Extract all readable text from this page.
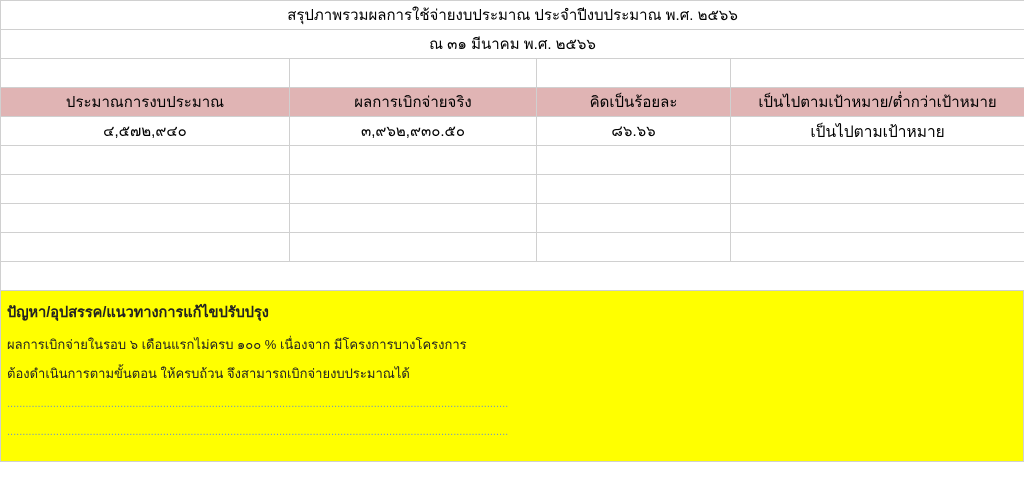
สรุปภาพรวมผลการใช้จ่ายงบประมาณ ประจำปีงบประมาณ พ.ศ. ๒๕๖๖			
ณ ๓๑ มีนาคม พ.ศ. ๒๕๖๖			

ประมาณการงบประมาณ	ผลการเบิกจ่ายจริง	คิดเป็นร้อยละ	เป็นไปตามเป้าหมาย/ต่ำกว่าเป้าหมาย
๔,๕๗๒,๙๔๐	๓,๙๖๒,๙๓๐.๕๐	๘๖.๖๖	เป็นไปตามเป้าหมาย

ปัญหา/อุปสรรค/แนวทางการแก้ไขปรับปรุง
ผลการเบิกจ่ายในรอบ ๖ เดือนแรกไม่ครบ ๑๐๐ % เนื่องจาก มีโครงการบางโครงการ
ต้องดำเนินการตามขั้นตอน ให้ครบถ้วน จึงสามารถเบิกจ่ายงบประมาณได้
....................................................................................................................................................................
....................................................................................................................................................................
